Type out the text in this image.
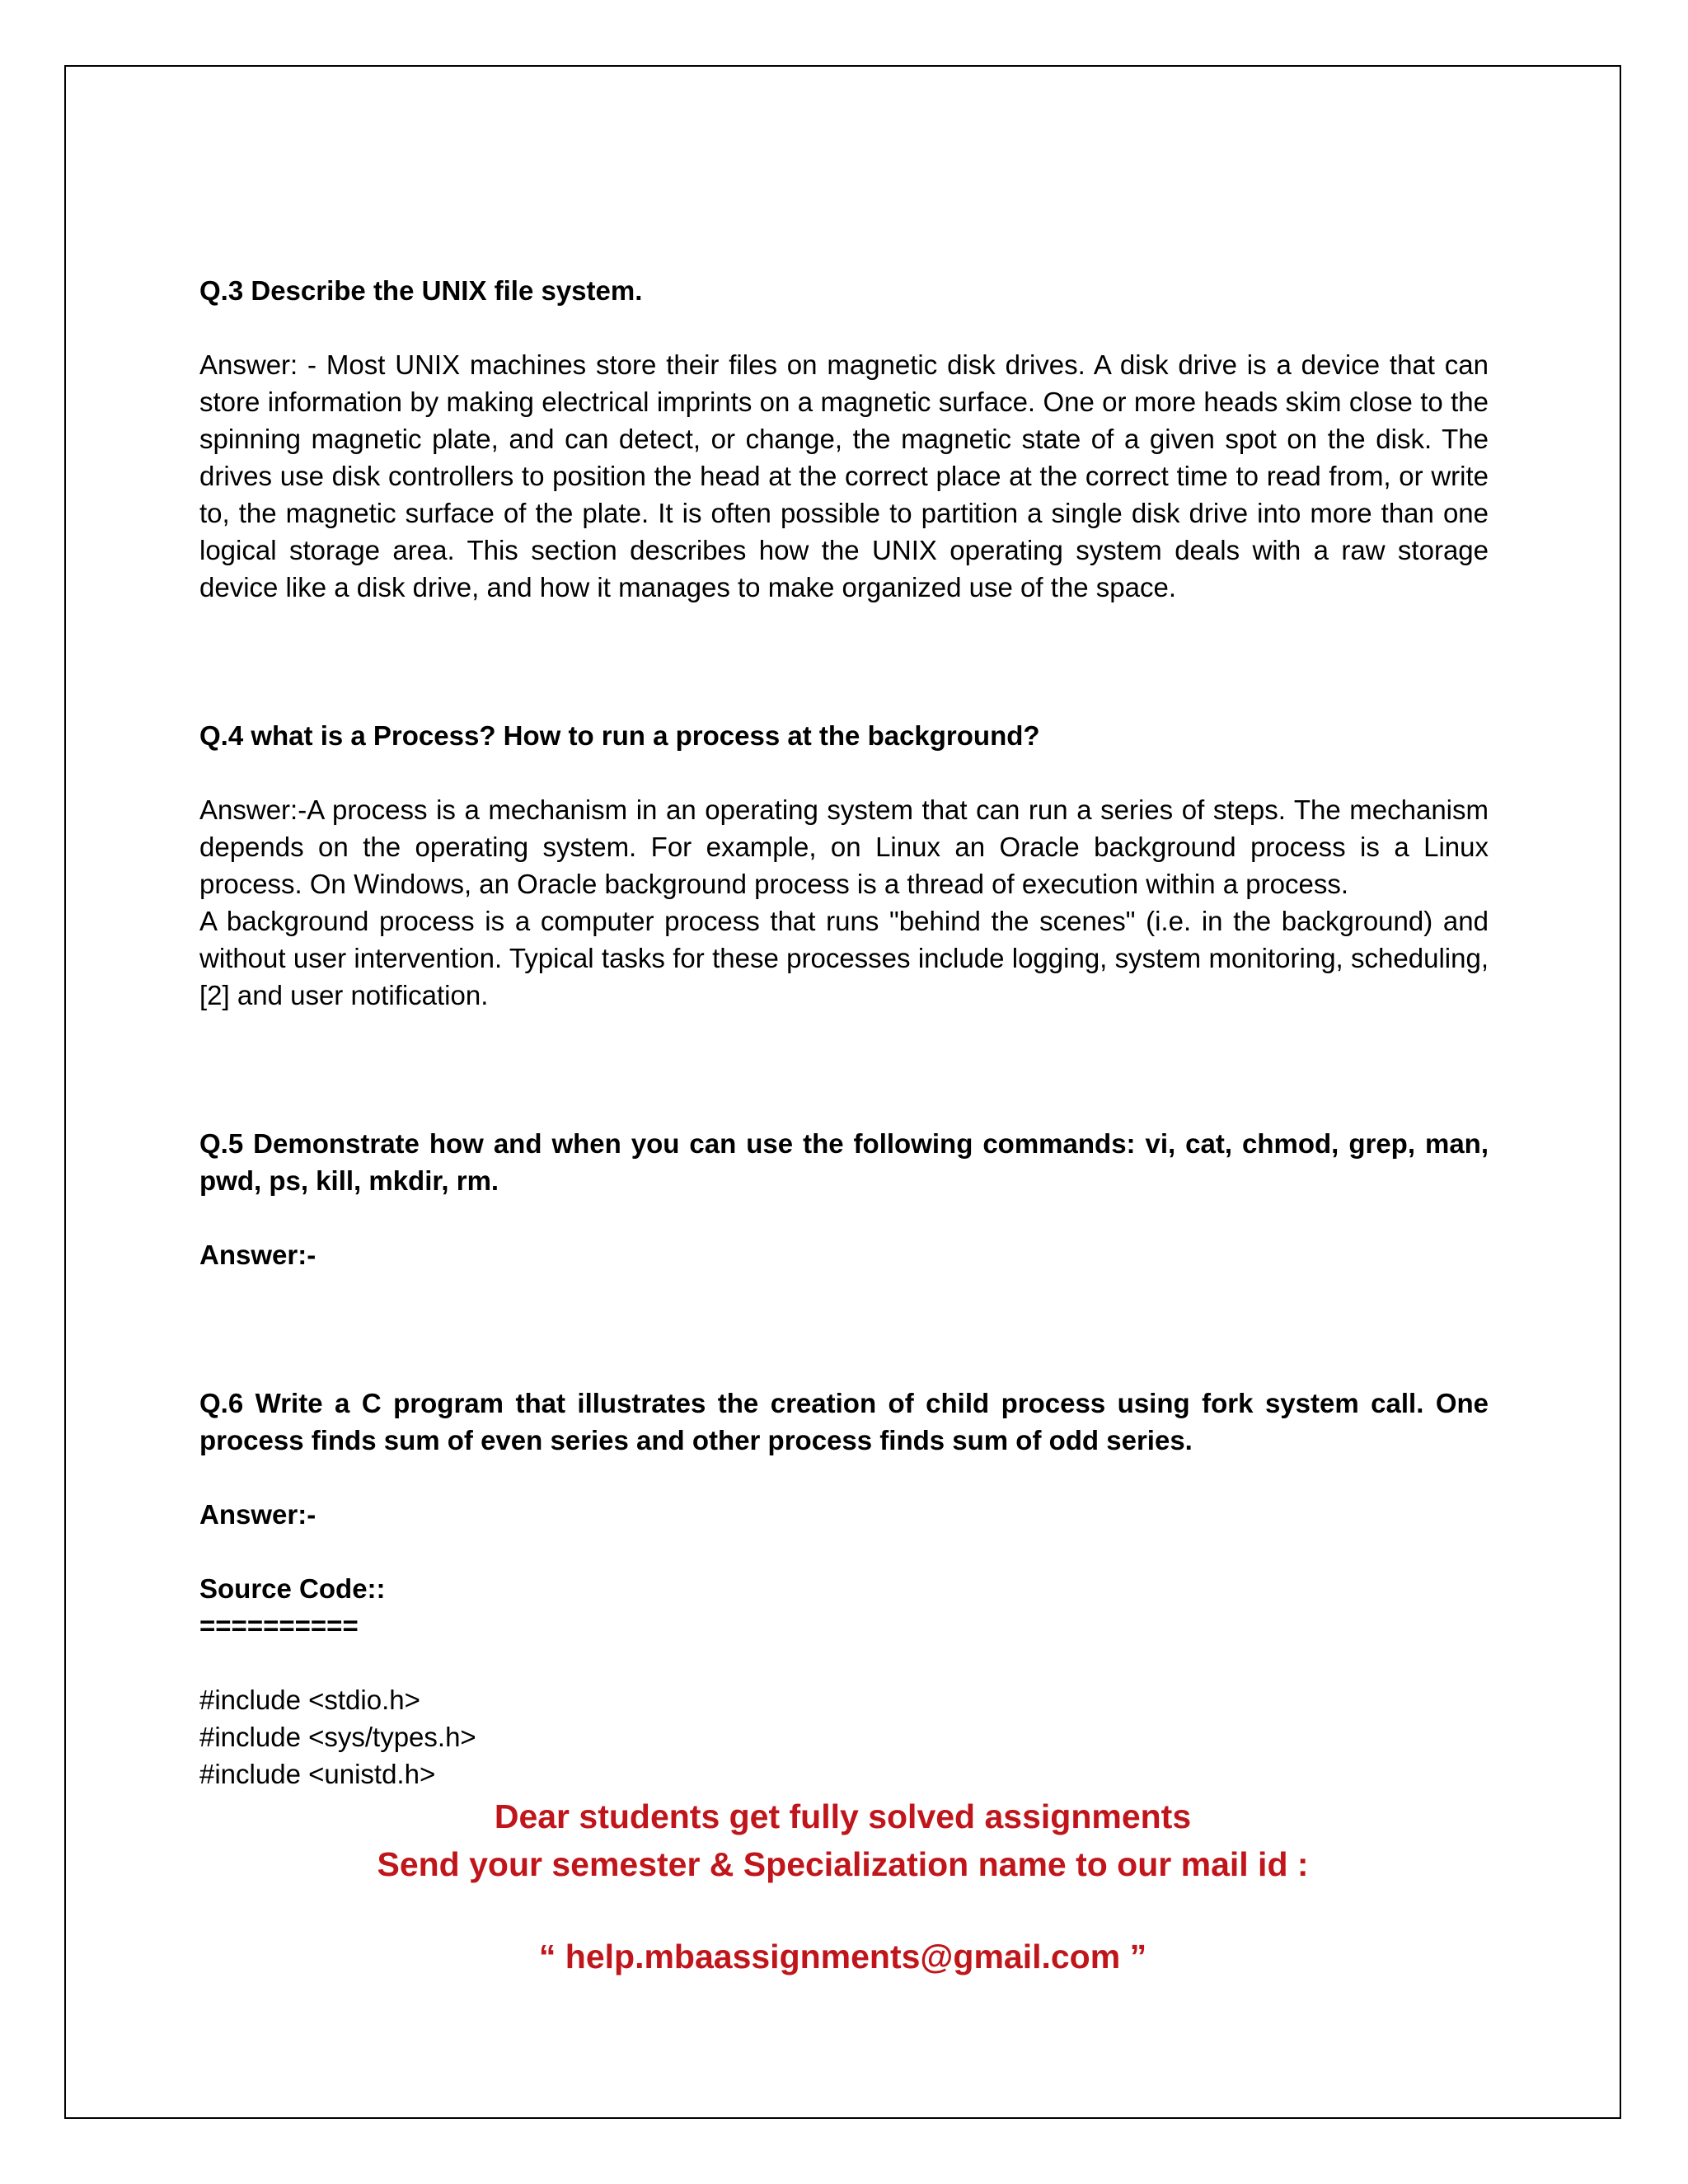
Q.3 Describe the UNIX file system.

Answer: - Most UNIX machines store their files on magnetic disk drives. A disk drive is a device that can store information by making electrical imprints on a magnetic surface. One or more heads skim close to the spinning magnetic plate, and can detect, or change, the magnetic state of a given spot on the disk. The drives use disk controllers to position the head at the correct place at the correct time to read from, or write to, the magnetic surface of the plate. It is often possible to partition a single disk drive into more than one logical storage area. This section describes how the UNIX operating system deals with a raw storage device like a disk drive, and how it manages to make organized use of the space.

Q.4 what is a Process? How to run a process at the background?

Answer:-A process is a mechanism in an operating system that can run a series of steps. The mechanism depends on the operating system. For example, on Linux an Oracle background process is a Linux process. On Windows, an Oracle background process is a thread of execution within a process.

A background process is a computer process that runs "behind the scenes" (i.e. in the background) and without user intervention. Typical tasks for these processes include logging, system monitoring, scheduling,[2] and user notification.

Q.5 Demonstrate how and when you can use the following commands: vi, cat, chmod, grep, man, pwd, ps, kill, mkdir, rm.

Answer:-

Q.6 Write a C program that illustrates the creation of child process using fork system call. One process finds sum of even series and other process finds sum of odd series.

Answer:-

Source Code::

==========

#include <stdio.h>

#include <sys/types.h>

#include <unistd.h>

Dear students get fully solved assignments
Send your semester & Specialization name to our mail id :
“ help.mbaassignments@gmail.com ”
